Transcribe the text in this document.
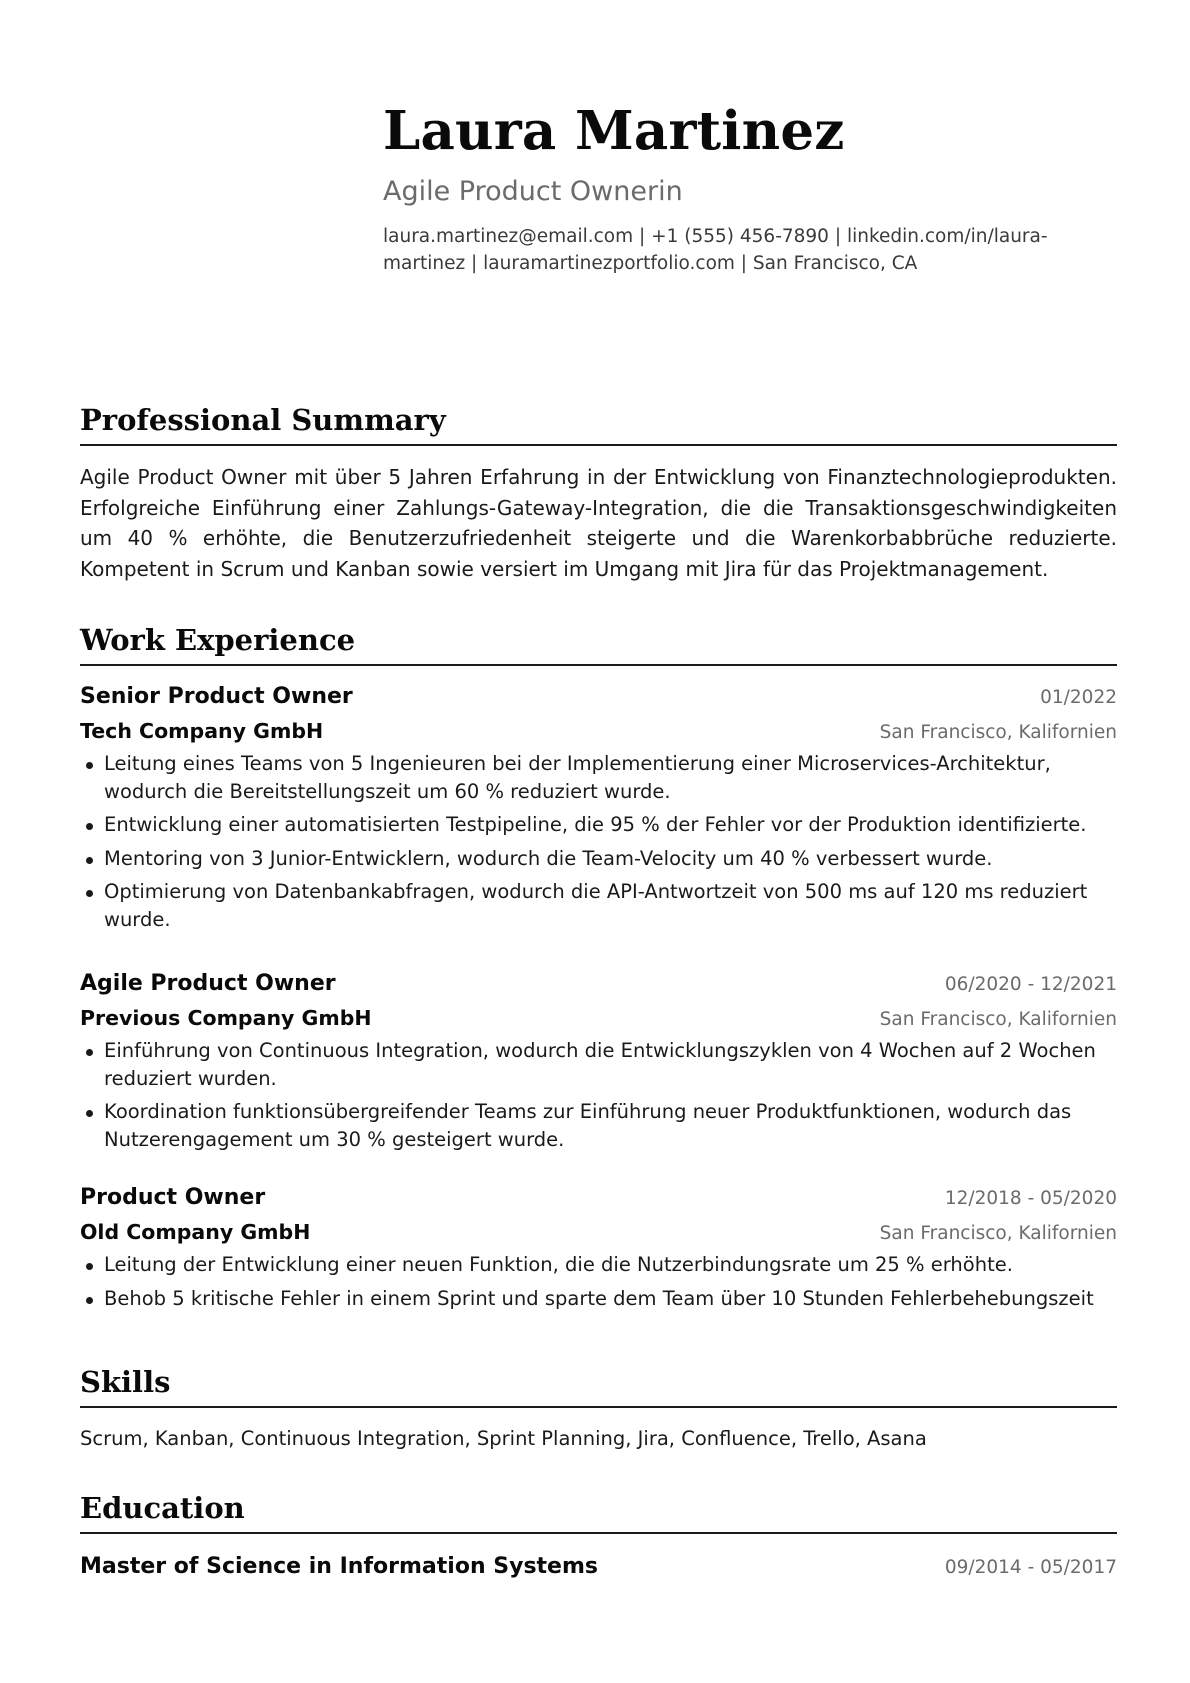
Laura Martinez
Agile Product Ownerin
laura.martinez@email.com | +1 (555) 456-7890 | linkedin.com/in/laura-martinez | lauramartinezportfolio.com | San Francisco, CA
Professional Summary
Agile Product Owner mit über 5 Jahren Erfahrung in der Entwicklung von Finanztechnologieprodukten. Erfolgreiche Einführung einer Zahlungs-Gateway-Integration, die die Transaktionsgeschwindigkeiten um 40 % erhöhte, die Benutzerzufriedenheit steigerte und die Warenkorbabbrüche reduzierte. Kompetent in Scrum und Kanban sowie versiert im Umgang mit Jira für das Projektmanagement.
Work Experience
Senior Product Owner	01/2022
Tech Company GmbH	San Francisco, Kalifornien
Leitung eines Teams von 5 Ingenieuren bei der Implementierung einer Microservices-Architektur, wodurch die Bereitstellungszeit um 60 % reduziert wurde.
Entwicklung einer automatisierten Testpipeline, die 95 % der Fehler vor der Produktion identifizierte.
Mentoring von 3 Junior-Entwicklern, wodurch die Team-Velocity um 40 % verbessert wurde.
Optimierung von Datenbankabfragen, wodurch die API-Antwortzeit von 500 ms auf 120 ms reduziert wurde.
Agile Product Owner	06/2020 - 12/2021
Previous Company GmbH	San Francisco, Kalifornien
Einführung von Continuous Integration, wodurch die Entwicklungszyklen von 4 Wochen auf 2 Wochen reduziert wurden.
Koordination funktionsübergreifender Teams zur Einführung neuer Produktfunktionen, wodurch das Nutzerengagement um 30 % gesteigert wurde.
Product Owner	12/2018 - 05/2020
Old Company GmbH	San Francisco, Kalifornien
Leitung der Entwicklung einer neuen Funktion, die die Nutzerbindungsrate um 25 % erhöhte.
Behob 5 kritische Fehler in einem Sprint und sparte dem Team über 10 Stunden Fehlerbehebungszeit
Skills
Scrum, Kanban, Continuous Integration, Sprint Planning, Jira, Confluence, Trello, Asana
Education
Master of Science in Information Systems	09/2014 - 05/2017
